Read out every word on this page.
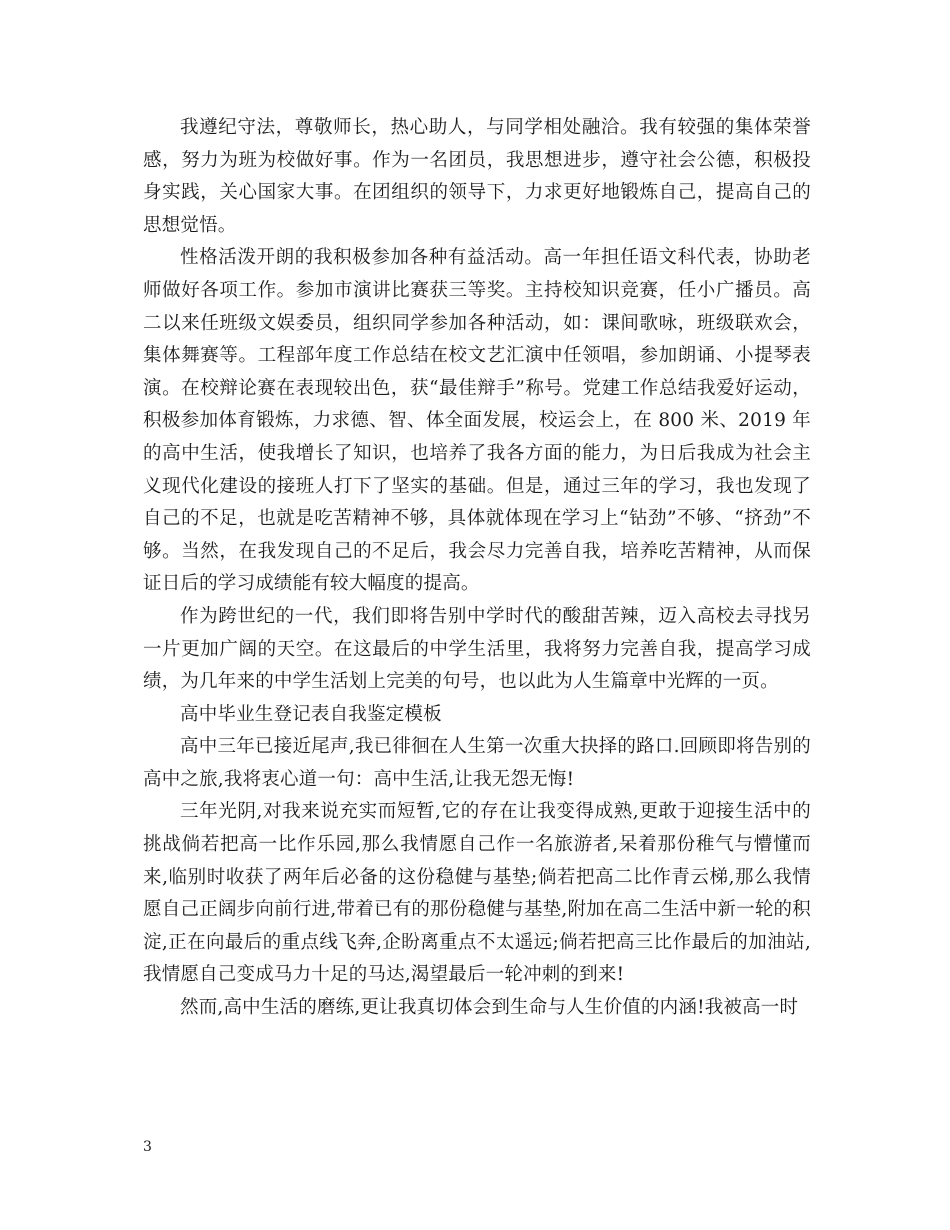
我遵纪守法，尊敬师长，热心助人，与同学相处融洽。我有较强的集体荣誉感，努力为班为校做好事。作为一名团员，我思想进步，遵守社会公德，积极投身实践，关心国家大事。在团组织的领导下，力求更好地锻炼自己，提高自己的思想觉悟。

性格活泼开朗的我积极参加各种有益活动。高一年担任语文科代表，协助老师做好各项工作。参加市演讲比赛获三等奖。主持校知识竞赛，任小广播员。高二以来任班级文娱委员，组织同学参加各种活动，如：课间歌咏，班级联欢会，集体舞赛等。工程部年度工作总结在校文艺汇演中任领唱，参加朗诵、小提琴表演。在校辩论赛在表现较出色，获“最佳辩手”称号。党建工作总结我爱好运动，积极参加体育锻炼，力求德、智、体全面发展，校运会上，在 800 米、2019 年的高中生活，使我增长了知识，也培养了我各方面的能力，为日后我成为社会主义现代化建设的接班人打下了坚实的基础。但是，通过三年的学习，我也发现了自己的不足，也就是吃苦精神不够，具体就体现在学习上“钻劲”不够、“挤劲”不够。当然，在我发现自己的不足后，我会尽力完善自我，培养吃苦精神，从而保证日后的学习成绩能有较大幅度的提高。

作为跨世纪的一代，我们即将告别中学时代的酸甜苦辣，迈入高校去寻找另一片更加广阔的天空。在这最后的中学生活里，我将努力完善自我，提高学习成绩，为几年来的中学生活划上完美的句号，也以此为人生篇章中光辉的一页。

高中毕业生登记表自我鉴定模板

高中三年已接近尾声,我已徘徊在人生第一次重大抉择的路口.回顾即将告别的高中之旅,我将衷心道一句：高中生活,让我无怨无悔!

三年光阴,对我来说充实而短暂,它的存在让我变得成熟,更敢于迎接生活中的挑战倘若把高一比作乐园,那么我情愿自己作一名旅游者,呆着那份稚气与懵懂而来,临别时收获了两年后必备的这份稳健与基垫;倘若把高二比作青云梯,那么我情愿自己正阔步向前行进,带着已有的那份稳健与基垫,附加在高二生活中新一轮的积淀,正在向最后的重点线飞奔,企盼离重点不太遥远;倘若把高三比作最后的加油站,我情愿自己变成马力十足的马达,渴望最后一轮冲刺的到来!

然而,高中生活的磨练,更让我真切体会到生命与人生价值的内涵!我被高一时

3
